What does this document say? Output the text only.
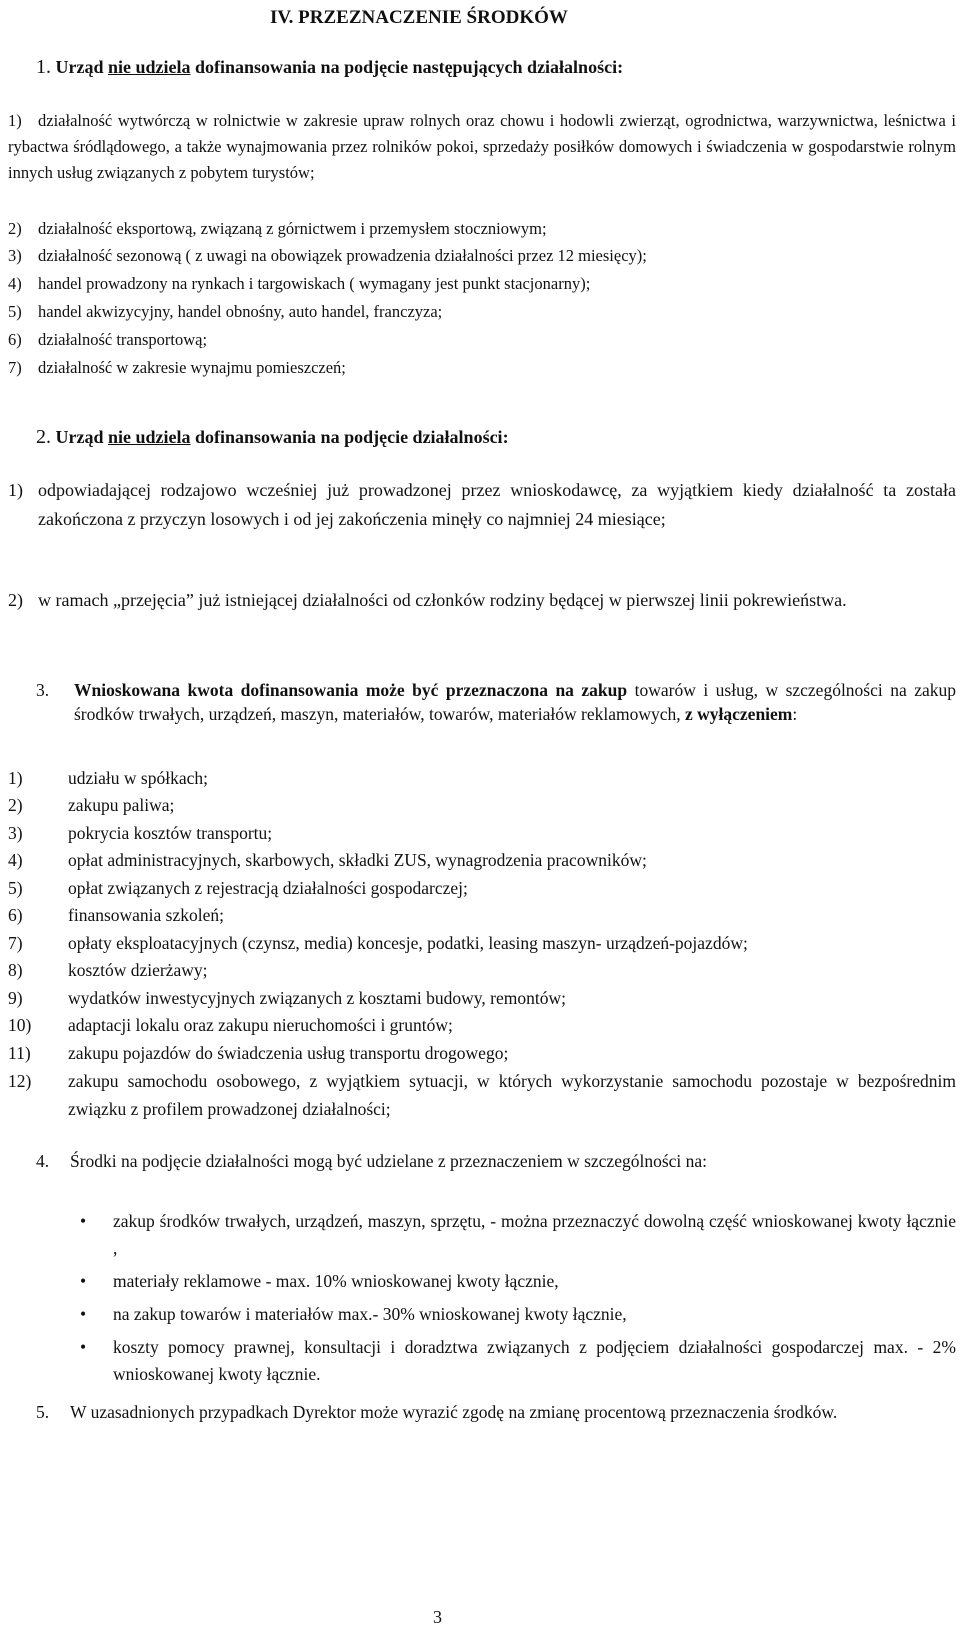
IV. PRZEZNACZENIE ŚRODKÓW
1. Urząd nie udziela dofinansowania na podjęcie następujących działalności:
1) działalność wytwórczą w rolnictwie w zakresie upraw rolnych oraz chowu i hodowli zwierząt, ogrodnictwa, warzywnictwa, leśnictwa i rybactwa śródlądowego, a także wynajmowania przez rolników pokoi, sprzedaży posiłków domowych i świadczenia w gospodarstwie rolnym innych usług związanych z pobytem turystów;
2) działalność eksportową, związaną z górnictwem i przemysłem stoczniowym;
3) działalność sezonową ( z uwagi na obowiązek prowadzenia działalności przez 12 miesięcy);
4) handel prowadzony na rynkach i targowiskach ( wymagany jest punkt stacjonarny);
5) handel akwizycyjny, handel obnośny, auto handel, franczyza;
6) działalność transportową;
7) działalność w zakresie wynajmu pomieszczeń;
2. Urząd nie udziela dofinansowania na podjęcie działalności:
1) odpowiadającej rodzajowo wcześniej już prowadzonej przez wnioskodawcę, za wyjątkiem kiedy działalność ta została zakończona z przyczyn losowych i od jej zakończenia minęły co najmniej 24 miesiące;
2) w ramach „przejęcia” już istniejącej działalności od członków rodziny będącej w pierwszej linii pokrewieństwa.
3. Wnioskowana kwota dofinansowania może być przeznaczona na zakup towarów i usług, w szczególności na zakup środków trwałych, urządzeń, maszyn, materiałów, towarów, materiałów reklamowych, z wyłączeniem:
1)	udziału w spółkach;
2)	zakupu paliwa;
3)	pokrycia kosztów transportu;
4)	opłat administracyjnych, skarbowych, składki ZUS, wynagrodzenia pracowników;
5)	opłat związanych z rejestracją działalności gospodarczej;
6)	finansowania szkoleń;
7)	opłaty eksploatacyjnych (czynsz, media) koncesje, podatki, leasing maszyn- urządzeń-pojazdów;
8)	kosztów dzierżawy;
9)	wydatków inwestycyjnych związanych z kosztami budowy, remontów;
10) adaptacji lokalu oraz zakupu nieruchomości i gruntów;
11) zakupu pojazdów do świadczenia usług transportu drogowego;
12) zakupu samochodu osobowego, z wyjątkiem sytuacji, w których wykorzystanie samochodu pozostaje w bezpośrednim związku z profilem prowadzonej działalności;
4. Środki na podjęcie działalności mogą być udzielane z przeznaczeniem w szczególności na:
• zakup środków trwałych, urządzeń, maszyn, sprzętu, - można przeznaczyć dowolną część wnioskowanej kwoty łącznie ,
• materiały reklamowe - max. 10% wnioskowanej kwoty łącznie,
• na zakup towarów i materiałów max.- 30% wnioskowanej kwoty łącznie,
• koszty pomocy prawnej, konsultacji i doradztwa związanych z podjęciem działalności gospodarczej max. - 2% wnioskowanej kwoty łącznie.
5. W uzasadnionych przypadkach Dyrektor może wyrazić zgodę na zmianę procentową przeznaczenia środków.
3
